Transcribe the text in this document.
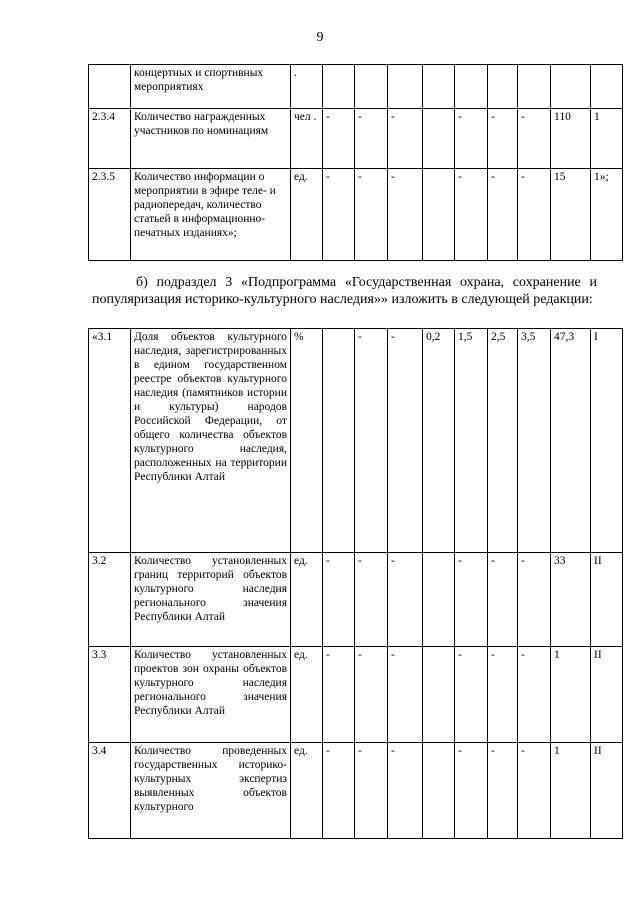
9
	концертных и спортивных мероприятиях	.									
2.3.4	Количество награжденных участников по номинациям	чел .	-	-	-		-	-	-	110	1
2.3.5	Количество информации о мероприятии в эфире теле- и радиопередач, количество статьей в информационно-печатных изданиях»;	ед.	-	-	-		-	-	-	15	1»;
б) подраздел 3 «Подпрограмма «Государственная охрана, сохранение и популяризация историко-культурного наследия»» изложить в следующей редакции:
«3.1	Доля объектов культурного наследия, зарегистрированных в едином государственном реестре объектов культурного наследия (памятников истории и культуры) народов Российской Федерации, от общего количества объектов культурного наследия, расположенных на территории Республики Алтай	%		-	-	0,2	1,5	2,5	3,5	47,3	I
3.2	Количество установленных границ территорий объектов культурного наследия регионального значения Республики Алтай	ед.	-	-	-		-	-	-	33	II
3.3	Количество установленных проектов зон охраны объектов культурного наследия регионального значения Республики Алтай	ед.	-	-	-		-	-	-	1	II
3.4	Количество проведенных государственных историко-культурных экспертиз выявленных объектов культурного	ед.	-	-	-		-	-	-	1	II
